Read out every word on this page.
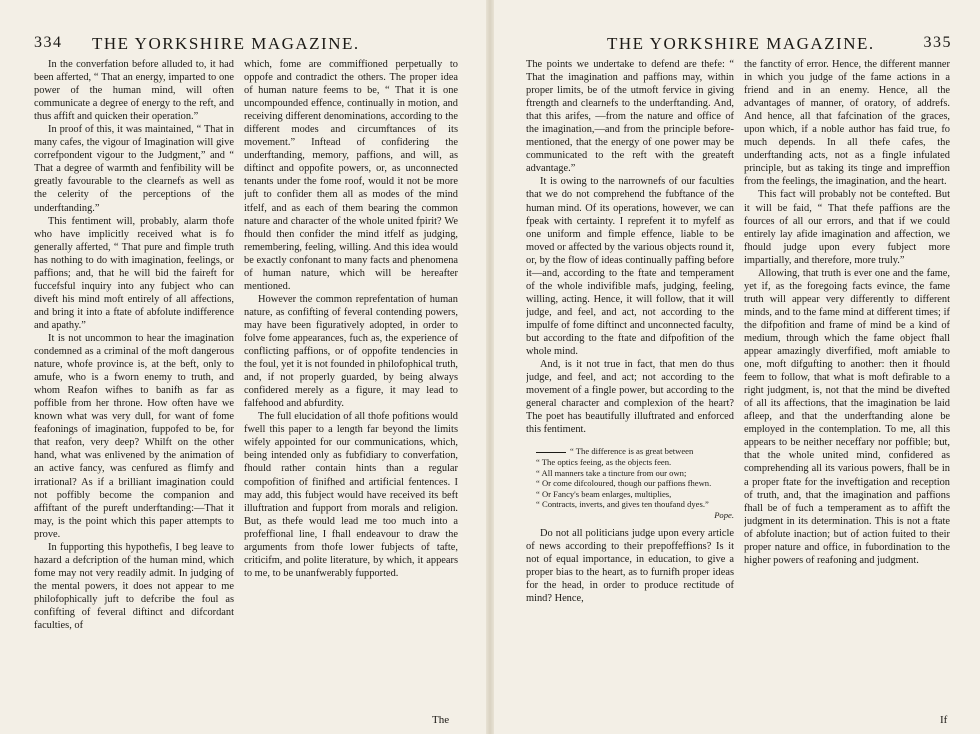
334 THE YORKSHIRE MAGAZINE.

In the converfation before alluded to, it had been afferted, “ That an energy, imparted to one power of the human mind, will often communicate a degree of energy to the reft, and thus affift and quicken their operation.”

In proof of this, it was maintained, “ That in many cafes, the vigour of Imagination will give correfpondent vigour to the Judgment,” and “ That a degree of warmth and fenfibility will be greatly favourable to the clearnefs as well as the celerity of the perceptions of the underftanding.”

This fentiment will, probably, alarm thofe who have implicitly received what is fo generally afferted, “ That pure and fimple truth has nothing to do with imagination, feelings, or paffions; and, that he will bid the faireft for fuccefsful inquiry into any fubject who can diveft his mind moft entirely of all affections, and bring it into a ftate of abfolute indifference and apathy.”

It is not uncommon to hear the imagination condemned as a criminal of the moft dangerous nature, whofe province is, at the beft, only to amufe, who is a fworn enemy to truth, and whom Reafon wifhes to banifh as far as poffible from her throne. How often have we known what was very dull, for want of fome feafonings of imagination, fuppofed to be, for that reafon, very deep? Whilft on the other hand, what was enlivened by the animation of an active fancy, was cenfured as flimfy and irrational? As if a brilliant imagination could not poffibly become the companion and affiftant of the pureft underftanding:—That it may, is the point which this paper attempts to prove.

In fupporting this hypothefis, I beg leave to hazard a defcription of the human mind, which fome may not very readily admit. In judging of the mental powers, it does not appear to me philofophically juft to defcribe the foul as confifting of feveral diftinct and difcordant faculties, of

which, fome are commiffioned perpetually to oppofe and contradict the others. The proper idea of human nature feems to be, “ That it is one uncompounded effence, continually in motion, and receiving different denominations, according to the different modes and circumftances of its movement.” Inftead of confidering the underftanding, memory, paffions, and will, as diftinct and oppofite powers, or, as unconnected tenants under the fome roof, would it not be more juft to confider them all as modes of the mind itfelf, and as each of them bearing the common nature and character of the whole united fpirit? We fhould then confider the mind itfelf as judging, remembering, feeling, willing. And this idea would be exactly confonant to many facts and phenomena of human nature, which will be hereafter mentioned.

However the common reprefentation of human nature, as confifting of feveral contending powers, may have been figuratively adopted, in order to folve fome appearances, fuch as, the experience of conflicting paffions, or of oppofite tendencies in the foul, yet it is not founded in philofophical truth, and, if not properly guarded, by being always confidered merely as a figure, it may lead to falfehood and abfurdity.

The full elucidation of all thofe pofitions would fwell this paper to a length far beyond the limits wifely appointed for our communications, which, being intended only as fubfidiary to converfation, fhould rather contain hints than a regular compofition of finifhed and artificial fentences. I may add, this fubject would have received its beft illuftration and fupport from morals and religion. But, as thefe would lead me too much into a profeffional line, I fhall endeavour to draw the arguments from thofe lower fubjects of tafte, criticifm, and polite literature, by which, it appears to me, to be unanfwerably fupported.

The
THE YORKSHIRE MAGAZINE.	335

The points we undertake to defend are thefe: “ That the imagination and paffions may, within proper limits, be of the utmoft fervice in giving ftrength and clearnefs to the underftanding. And, that this arifes, —from the nature and office of the imagination,—and from the principle before-mentioned, that the energy of one power may be communicated to the reft with the greateft advantage.”

It is owing to the narrownefs of our faculties that we do not comprehend the fubftance of the human mind. Of its operations, however, we can fpeak with certainty. I reprefent it to myfelf as one uniform and fimple effence, liable to be moved or affected by the various objects round it, or, by the flow of ideas continually paffing before it—and, according to the ftate and temperament of the whole indivifible mafs, judging, feeling, willing, acting. Hence, it will follow, that it will judge, and feel, and act, not according to the impulfe of fome diftinct and unconnected faculty, but according to the ftate and difpofition of the whole mind.

And, is it not true in fact, that men do thus judge, and feel, and act; not according to the movement of a fingle power, but according to the general character and complexion of the heart? The poet has beautifully illuftrated and enforced this fentiment.

“ The difference is as great between

“ The optics feeing, as the objects feen.

“ All manners take a tincture from our own;

“ Or come difcoloured, though our paffions fhewn.

“ Or Fancy's beam enlarges, multiplies,

“ Contracts, inverts, and gives ten thoufand dyes.”

Pope.

Do not all politicians judge upon every article of news according to their prepoffeffions? Is it not of equal importance, in education, to give a proper bias to the heart, as to furnifh proper ideas for the head, in order to produce rectitude of mind? Hence,

the fanctity of error. Hence, the different manner in which you judge of the fame actions in a friend and in an enemy. Hence, all the advantages of manner, of oratory, of addrefs. And hence, all that fafcination of the graces, upon which, if a noble author has faid true, fo much depends. In all thefe cafes, the underftanding acts, not as a fingle infulated principle, but as taking its tinge and impreffion from the feelings, the imagination, and the heart.

This fact will probably not be contefted. But it will be faid, “ That thefe paffions are the fources of all our errors, and that if we could entirely lay afide imagination and affection, we fhould judge upon every fubject more impartially, and therefore, more truly.”

Allowing, that truth is ever one and the fame, yet if, as the foregoing facts evince, the fame truth will appear very differently to different minds, and to the fame mind at different times; if the difpofition and frame of mind be a kind of medium, through which the fame object fhall appear amazingly diverfified, moft amiable to one, moft difgufting to another: then it fhould feem to follow, that what is moft defirable to a right judgment, is, not that the mind be divefted of all its affections, that the imagination be laid afleep, and that the underftanding alone be employed in the contemplation. To me, all this appears to be neither neceffary nor poffible; but, that the whole united mind, confidered as comprehending all its various powers, fhall be in a proper ftate for the inveftigation and reception of truth, and, that the imagination and paffions fhall be of fuch a temperament as to affift the judgment in its determination. This is not a ftate of abfolute inaction; but of action fuited to their proper nature and office, in fubordination to the higher powers of reafoning and judgment.

If
